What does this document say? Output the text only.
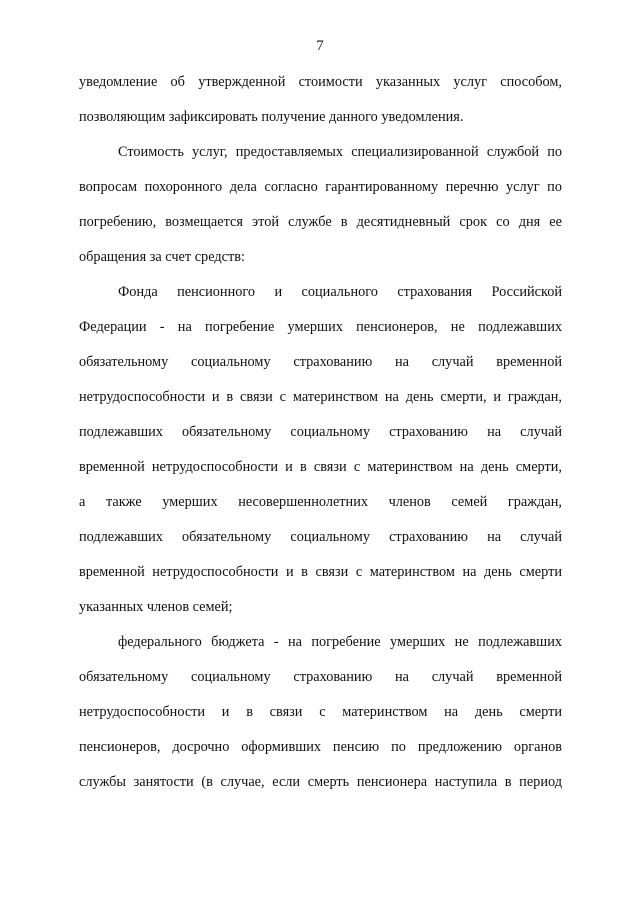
7
уведомление об утвержденной стоимости указанных услуг способом,
позволяющим зафиксировать получение данного уведомления.
Стоимость услуг, предоставляемых специализированной службой по
вопросам похоронного дела согласно гарантированному перечню услуг по
погребению, возмещается этой службе в десятидневный срок со дня ее
обращения за счет средств:
Фонда пенсионного и социального страхования Российской
Федерации - на погребение умерших пенсионеров, не подлежавших
обязательному социальному страхованию на случай временной
нетрудоспособности и в связи с материнством на день смерти, и граждан,
подлежавших обязательному социальному страхованию на случай
временной нетрудоспособности и в связи с материнством на день смерти,
а также умерших несовершеннолетних членов семей граждан,
подлежавших обязательному социальному страхованию на случай
временной нетрудоспособности и в связи с материнством на день смерти
указанных членов семей;
федерального бюджета - на погребение умерших не подлежавших
обязательному социальному страхованию на случай временной
нетрудоспособности и в связи с материнством на день смерти
пенсионеров, досрочно оформивших пенсию по предложению органов
службы занятости (в случае, если смерть пенсионера наступила в период
